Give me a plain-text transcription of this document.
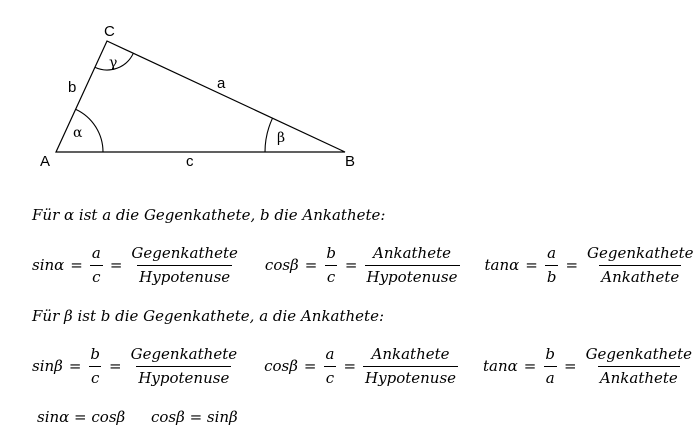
A	B
C
a
b
c
α	β
γ
Für α ist a die Gegenkathete, b die Ankathete:
$\sin\alpha = \frac{a}{c} = \frac{\text{Gegenkathete}}{\text{Hypotenuse}}$ $\cos\beta = \frac{b}{c} = \frac{\text{Ankathete}}{\text{Hypotenuse}}$ $\tan\alpha = \frac{a}{b} = \frac{\text{Gegenkathete}}{\text{Ankathete}}$
Für β ist b die Gegenkathete, a die Ankathete:
$\sin\beta = \frac{b}{c} = \frac{\text{Gegenkathete}}{\text{Hypotenuse}}$ $\cos\beta = \frac{a}{c} = \frac{\text{Ankathete}}{\text{Hypotenuse}}$ $\tan\alpha = \frac{b}{a} = \frac{\text{Gegenkathete}}{\text{Ankathete}}$
sinα = cosβ cosβ = sinβ
